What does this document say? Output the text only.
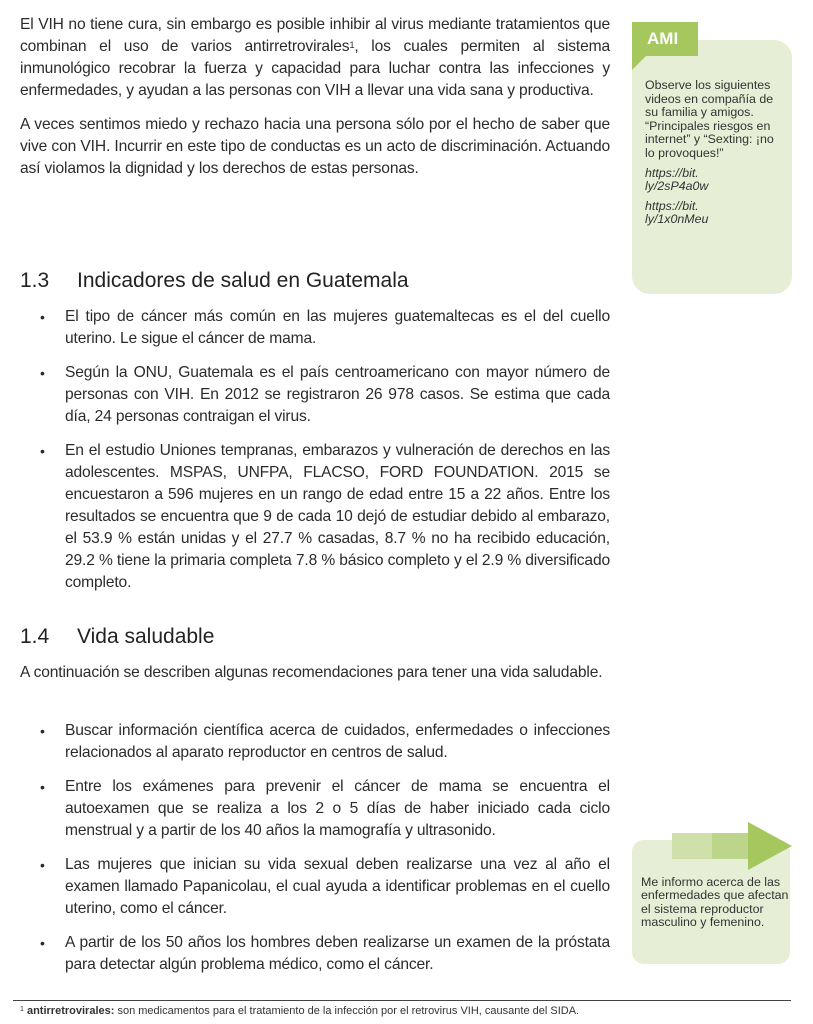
El VIH no tiene cura, sin embargo es posible inhibir al virus mediante tratamientos que combinan el uso de varios antirretrovirales$^1$, los cuales permiten al sistema inmunológico recobrar la fuerza y capacidad para luchar contra las infecciones y enfermedades, y ayudan a las personas con VIH a llevar una vida sana y productiva.

A veces sentimos miedo y rechazo hacia una persona sólo por el hecho de saber que vive con VIH. Incurrir en este tipo de conductas es un acto de discriminación. Actuando así violamos la dignidad y los derechos de estas personas.

1.3 Indicadores de salud en Guatemala
• El tipo de cáncer más común en las mujeres guatemaltecas es el del cuello uterino. Le sigue el cáncer de mama.
• Según la ONU, Guatemala es el país centroamericano con mayor número de personas con VIH. En 2012 se registraron 26 978 casos. Se estima que cada día, 24 personas contraigan el virus.
• En el estudio Uniones tempranas, embarazos y vulneración de derechos en las adolescentes. MSPAS, UNFPA, FLACSO, FORD FOUNDATION. 2015 se encuestaron a 596 mujeres en un rango de edad entre 15 a 22 años. Entre los resultados se encuentra que 9 de cada 10 dejó de estudiar debido al embarazo, el 53.9 % están unidas y el 27.7 % casadas, 8.7 % no ha recibido educación, 29.2 % tiene la primaria completa 7.8 % básico completo y el 2.9 % diversificado completo.
1.4 Vida saludable

A continuación se describen algunas recomendaciones para tener una vida saludable.

• Buscar información científica acerca de cuidados, enfermedades o infecciones relacionados al aparato reproductor en centros de salud.
• Entre los exámenes para prevenir el cáncer de mama se encuentra el autoexamen que se realiza a los 2 o 5 días de haber iniciado cada ciclo menstrual y a partir de los 40 años la mamografía y ultrasonido.
• Las mujeres que inician su vida sexual deben realizarse una vez al año el examen llamado Papanicolau, el cual ayuda a identificar problemas en el cuello uterino, como el cáncer.
• A partir de los 50 años los hombres deben realizarse un examen de la próstata para detectar algún problema médico, como el cáncer.
AMI
Observe los siguientes videos en compañía de su familia y amigos. “Principales riesgos en internet” y “Sexting: ¡no lo provoques!”
https://bit.
ly/2sP4a0w
https://bit.
ly/1x0nMeu
Me informo acerca de las enfermedades que afectan el sistema reproductor masculino y femenino.
$^1$ antirretrovirales: son medicamentos para el tratamiento de la infección por el retrovirus VIH, causante del SIDA.
